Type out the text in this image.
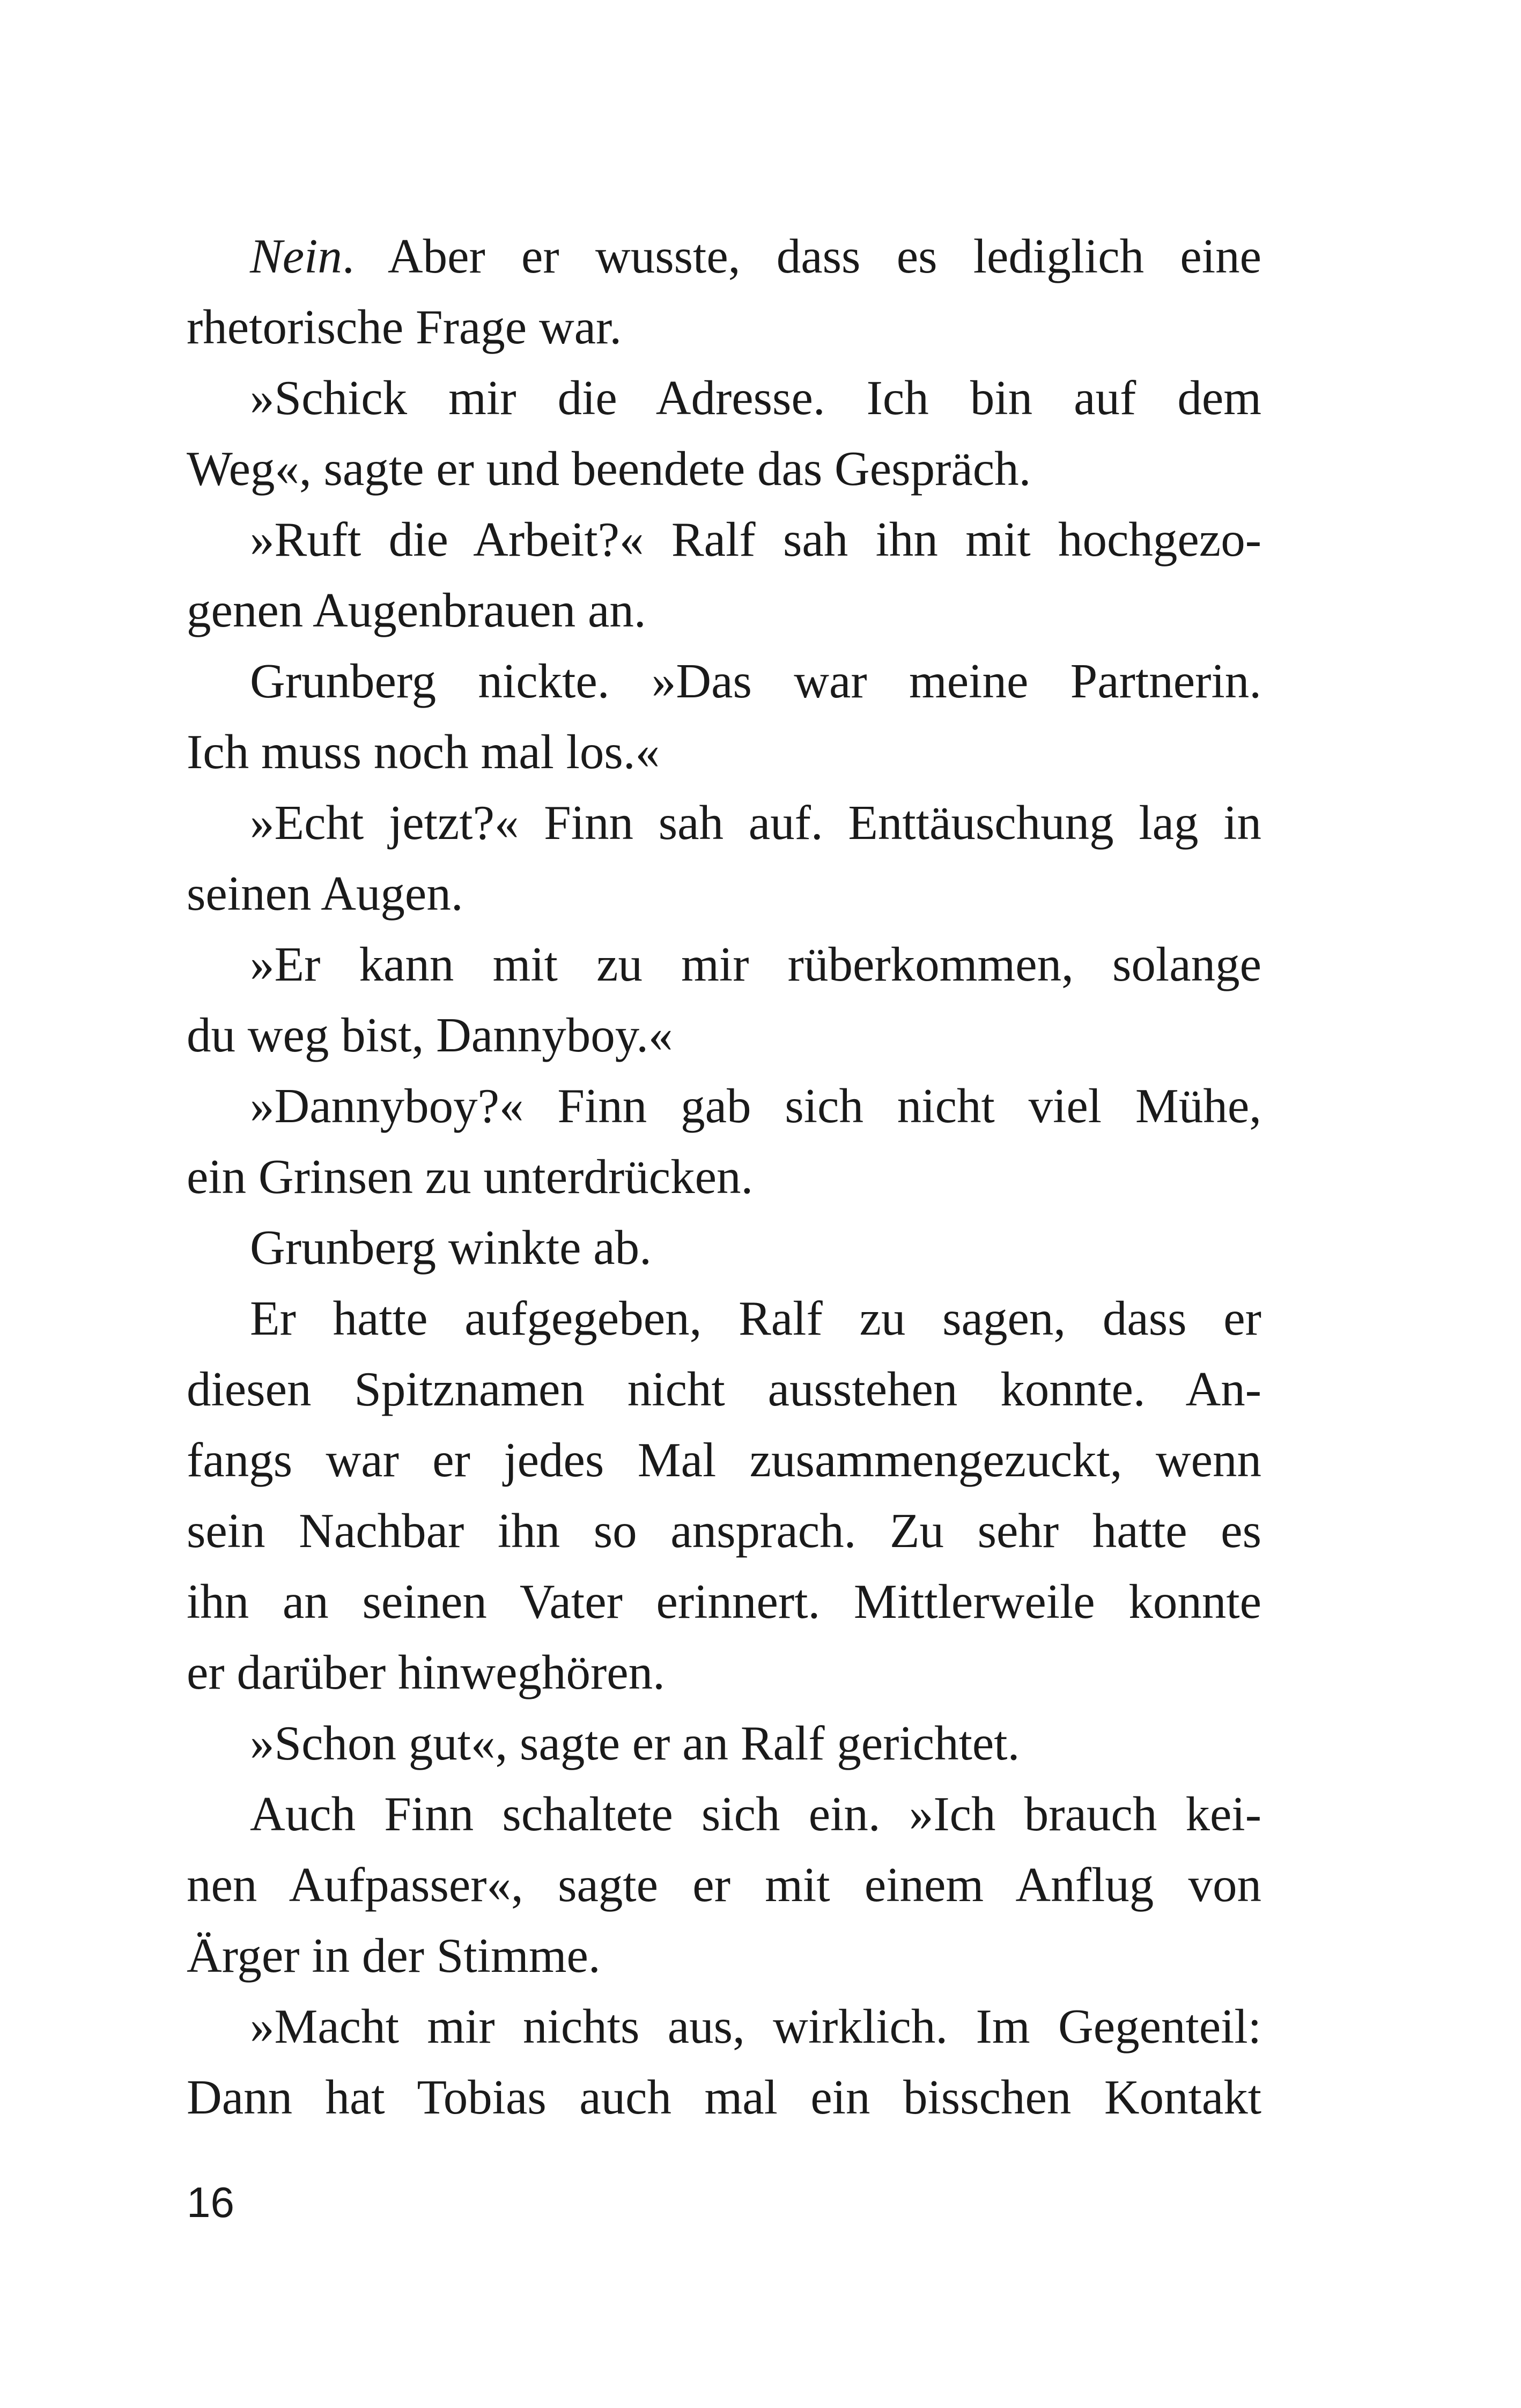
Nein. Aber er wusste, dass es lediglich eine
rhetorische Frage war.
»Schick mir die Adresse. Ich bin auf dem
Weg«, sagte er und beendete das Gespräch.
»Ruft die Arbeit?« Ralf sah ihn mit hochgezo-
genen Augenbrauen an.
Grunberg nickte. »Das war meine Partnerin.
Ich muss noch mal los.«
»Echt jetzt?« Finn sah auf. Enttäuschung lag in
seinen Augen.
»Er kann mit zu mir rüberkommen, solange
du weg bist, Dannyboy.«
»Dannyboy?« Finn gab sich nicht viel Mühe,
ein Grinsen zu unterdrücken.
Grunberg winkte ab.
Er hatte aufgegeben, Ralf zu sagen, dass er
diesen Spitznamen nicht ausstehen konnte. An-
fangs war er jedes Mal zusammengezuckt, wenn
sein Nachbar ihn so ansprach. Zu sehr hatte es
ihn an seinen Vater erinnert. Mittlerweile konnte
er darüber hinweghören.
»Schon gut«, sagte er an Ralf gerichtet.
Auch Finn schaltete sich ein. »Ich brauch kei-
nen Aufpasser«, sagte er mit einem Anflug von
Ärger in der Stimme.
»Macht mir nichts aus, wirklich. Im Gegenteil:
Dann hat Tobias auch mal ein bisschen Kontakt
16
